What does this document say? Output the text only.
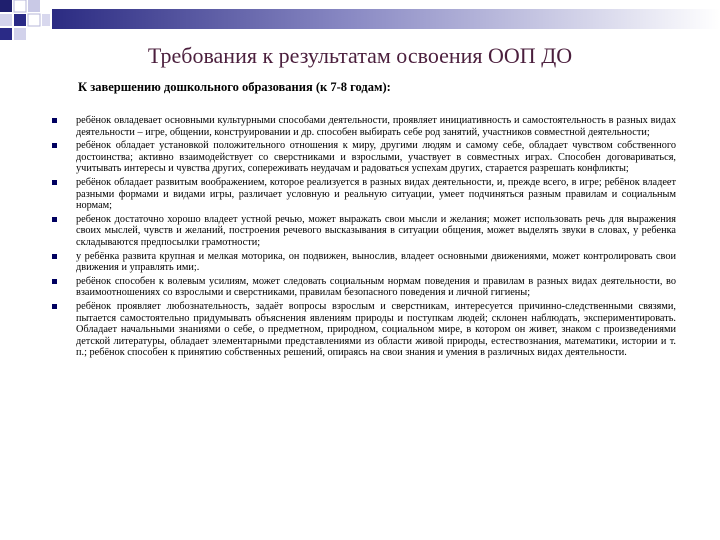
Требования к результатам освоения ООП ДО
К завершению дошкольного образования (к 7-8 годам):
ребёнок овладевает основными культурными способами деятельности, проявляет инициативность и самостоятельность в разных видах деятельности – игре, общении, конструировании и др. способен выбирать себе род занятий, участников совместной деятельности;
ребёнок обладает установкой положительного отношения к миру, другими людям и самому себе, обладает чувством собственного достоинства; активно взаимодействует со сверстниками и взрослыми, участвует в совместных играх. Способен договариваться, учитывать интересы и чувства других, сопереживать неудачам и радоваться успехам других, старается разрешать конфликты;
ребёнок обладает развитым воображением, которое реализуется в разных видах деятельности, и, прежде всего, в игре; ребёнок владеет разными формами и видами игры, различает условную и реальную ситуации, умеет подчиняться разным правилам и социальным нормам;
ребенок достаточно хорошо владеет устной речью, может выражать свои мысли и желания; может использовать речь для выражения своих мыслей, чувств и желаний, построения речевого высказывания в ситуации общения, может выделять звуки в словах, у ребенка складываются предпосылки грамотности;
у ребёнка развита крупная и мелкая моторика, он подвижен, вынослив, владеет основными движениями, может контролировать свои движения и управлять ими;.
ребёнок способен к волевым усилиям, может следовать социальным нормам поведения и правилам в разных видах деятельности, во взаимоотношениях со взрослыми и сверстниками, правилам безопасного поведения и личной гигиены;
ребёнок проявляет любознательность, задаёт вопросы взрослым и сверстникам, интересуется причинно-следственными связями, пытается самостоятельно придумывать объяснения явлениям природы и поступкам людей; склонен наблюдать, экспериментировать. Обладает начальными знаниями о себе, о предметном, природном, социальном мире, в котором он живет, знаком с произведениями детской литературы, обладает элементарными представлениями из области живой природы, естествознания, математики, истории и т. п.; ребёнок способен к принятию собственных решений, опираясь на свои знания и умения в различных видах деятельности.
